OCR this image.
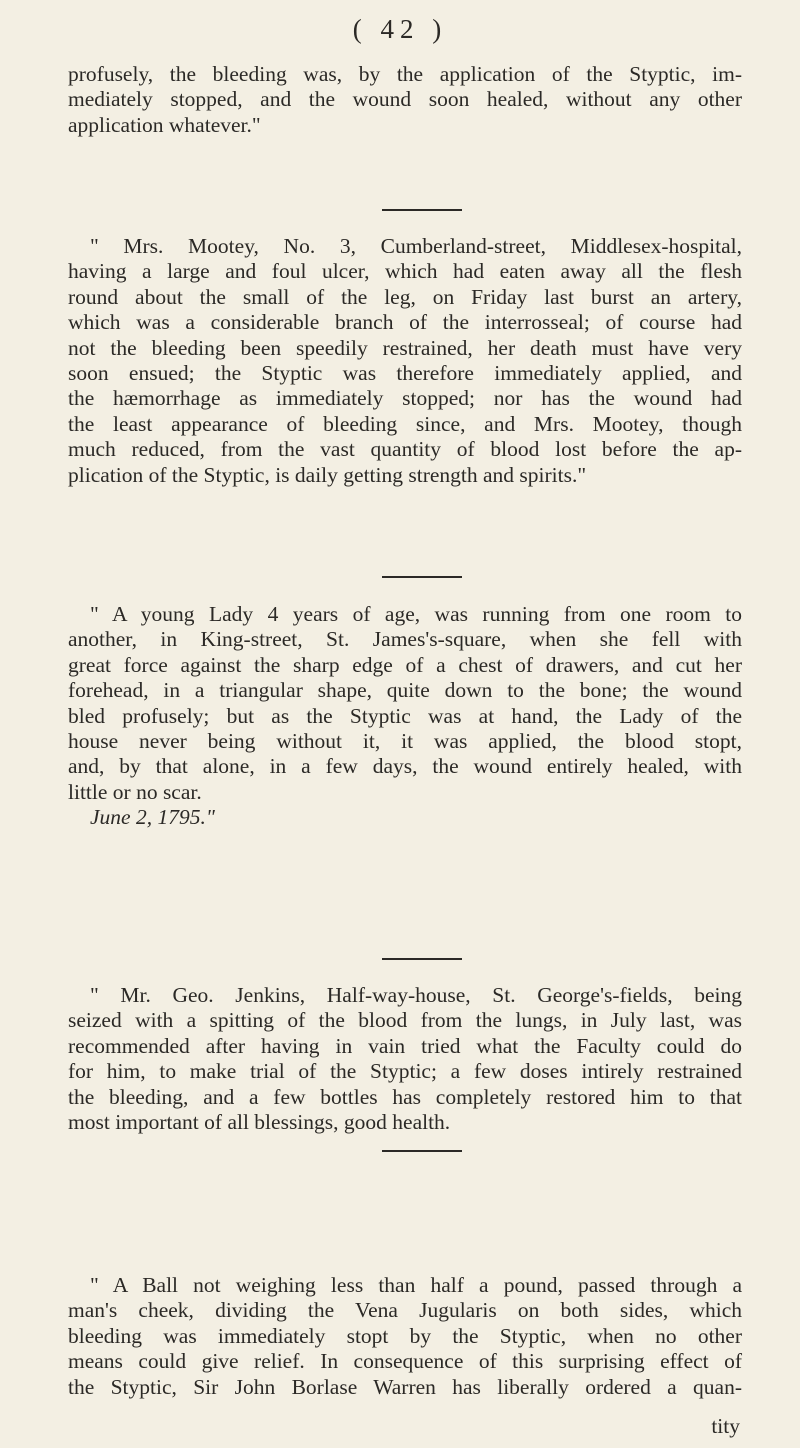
( 42 )
profusely, the bleeding was, by the application of the Styptic, im-
mediately stopped, and the wound soon healed, without any other
application whatever."
" Mrs. Mootey, No. 3, Cumberland-street, Middlesex-hospital,
having a large and foul ulcer, which had eaten away all the flesh
round about the small of the leg, on Friday last burst an artery,
which was a considerable branch of the interrosseal; of course had
not the bleeding been speedily restrained, her death must have very
soon ensued; the Styptic was therefore immediately applied, and
the hæmorrhage as immediately stopped; nor has the wound had
the least appearance of bleeding since, and Mrs. Mootey, though
much reduced, from the vast quantity of blood lost before the ap-
plication of the Styptic, is daily getting strength and spirits."
" A young Lady 4 years of age, was running from one room to
another, in King-street, St. James's-square, when she fell with
great force against the sharp edge of a chest of drawers, and cut her
forehead, in a triangular shape, quite down to the bone; the wound
bled profusely; but as the Styptic was at hand, the Lady of the
house never being without it, it was applied, the blood stopt,
and, by that alone, in a few days, the wound entirely healed, with
little or no scar.
June 2, 1795."
" Mr. Geo. Jenkins, Half-way-house, St. George's-fields, being
seized with a spitting of the blood from the lungs, in July last, was
recommended after having in vain tried what the Faculty could do
for him, to make trial of the Styptic; a few doses intirely restrained
the bleeding, and a few bottles has completely restored him to that
most important of all blessings, good health.
" A Ball not weighing less than half a pound, passed through a
man's cheek, dividing the Vena Jugularis on both sides, which
bleeding was immediately stopt by the Styptic, when no other
means could give relief. In consequence of this surprising effect of
the Styptic, Sir John Borlase Warren has liberally ordered a quan-
tity
